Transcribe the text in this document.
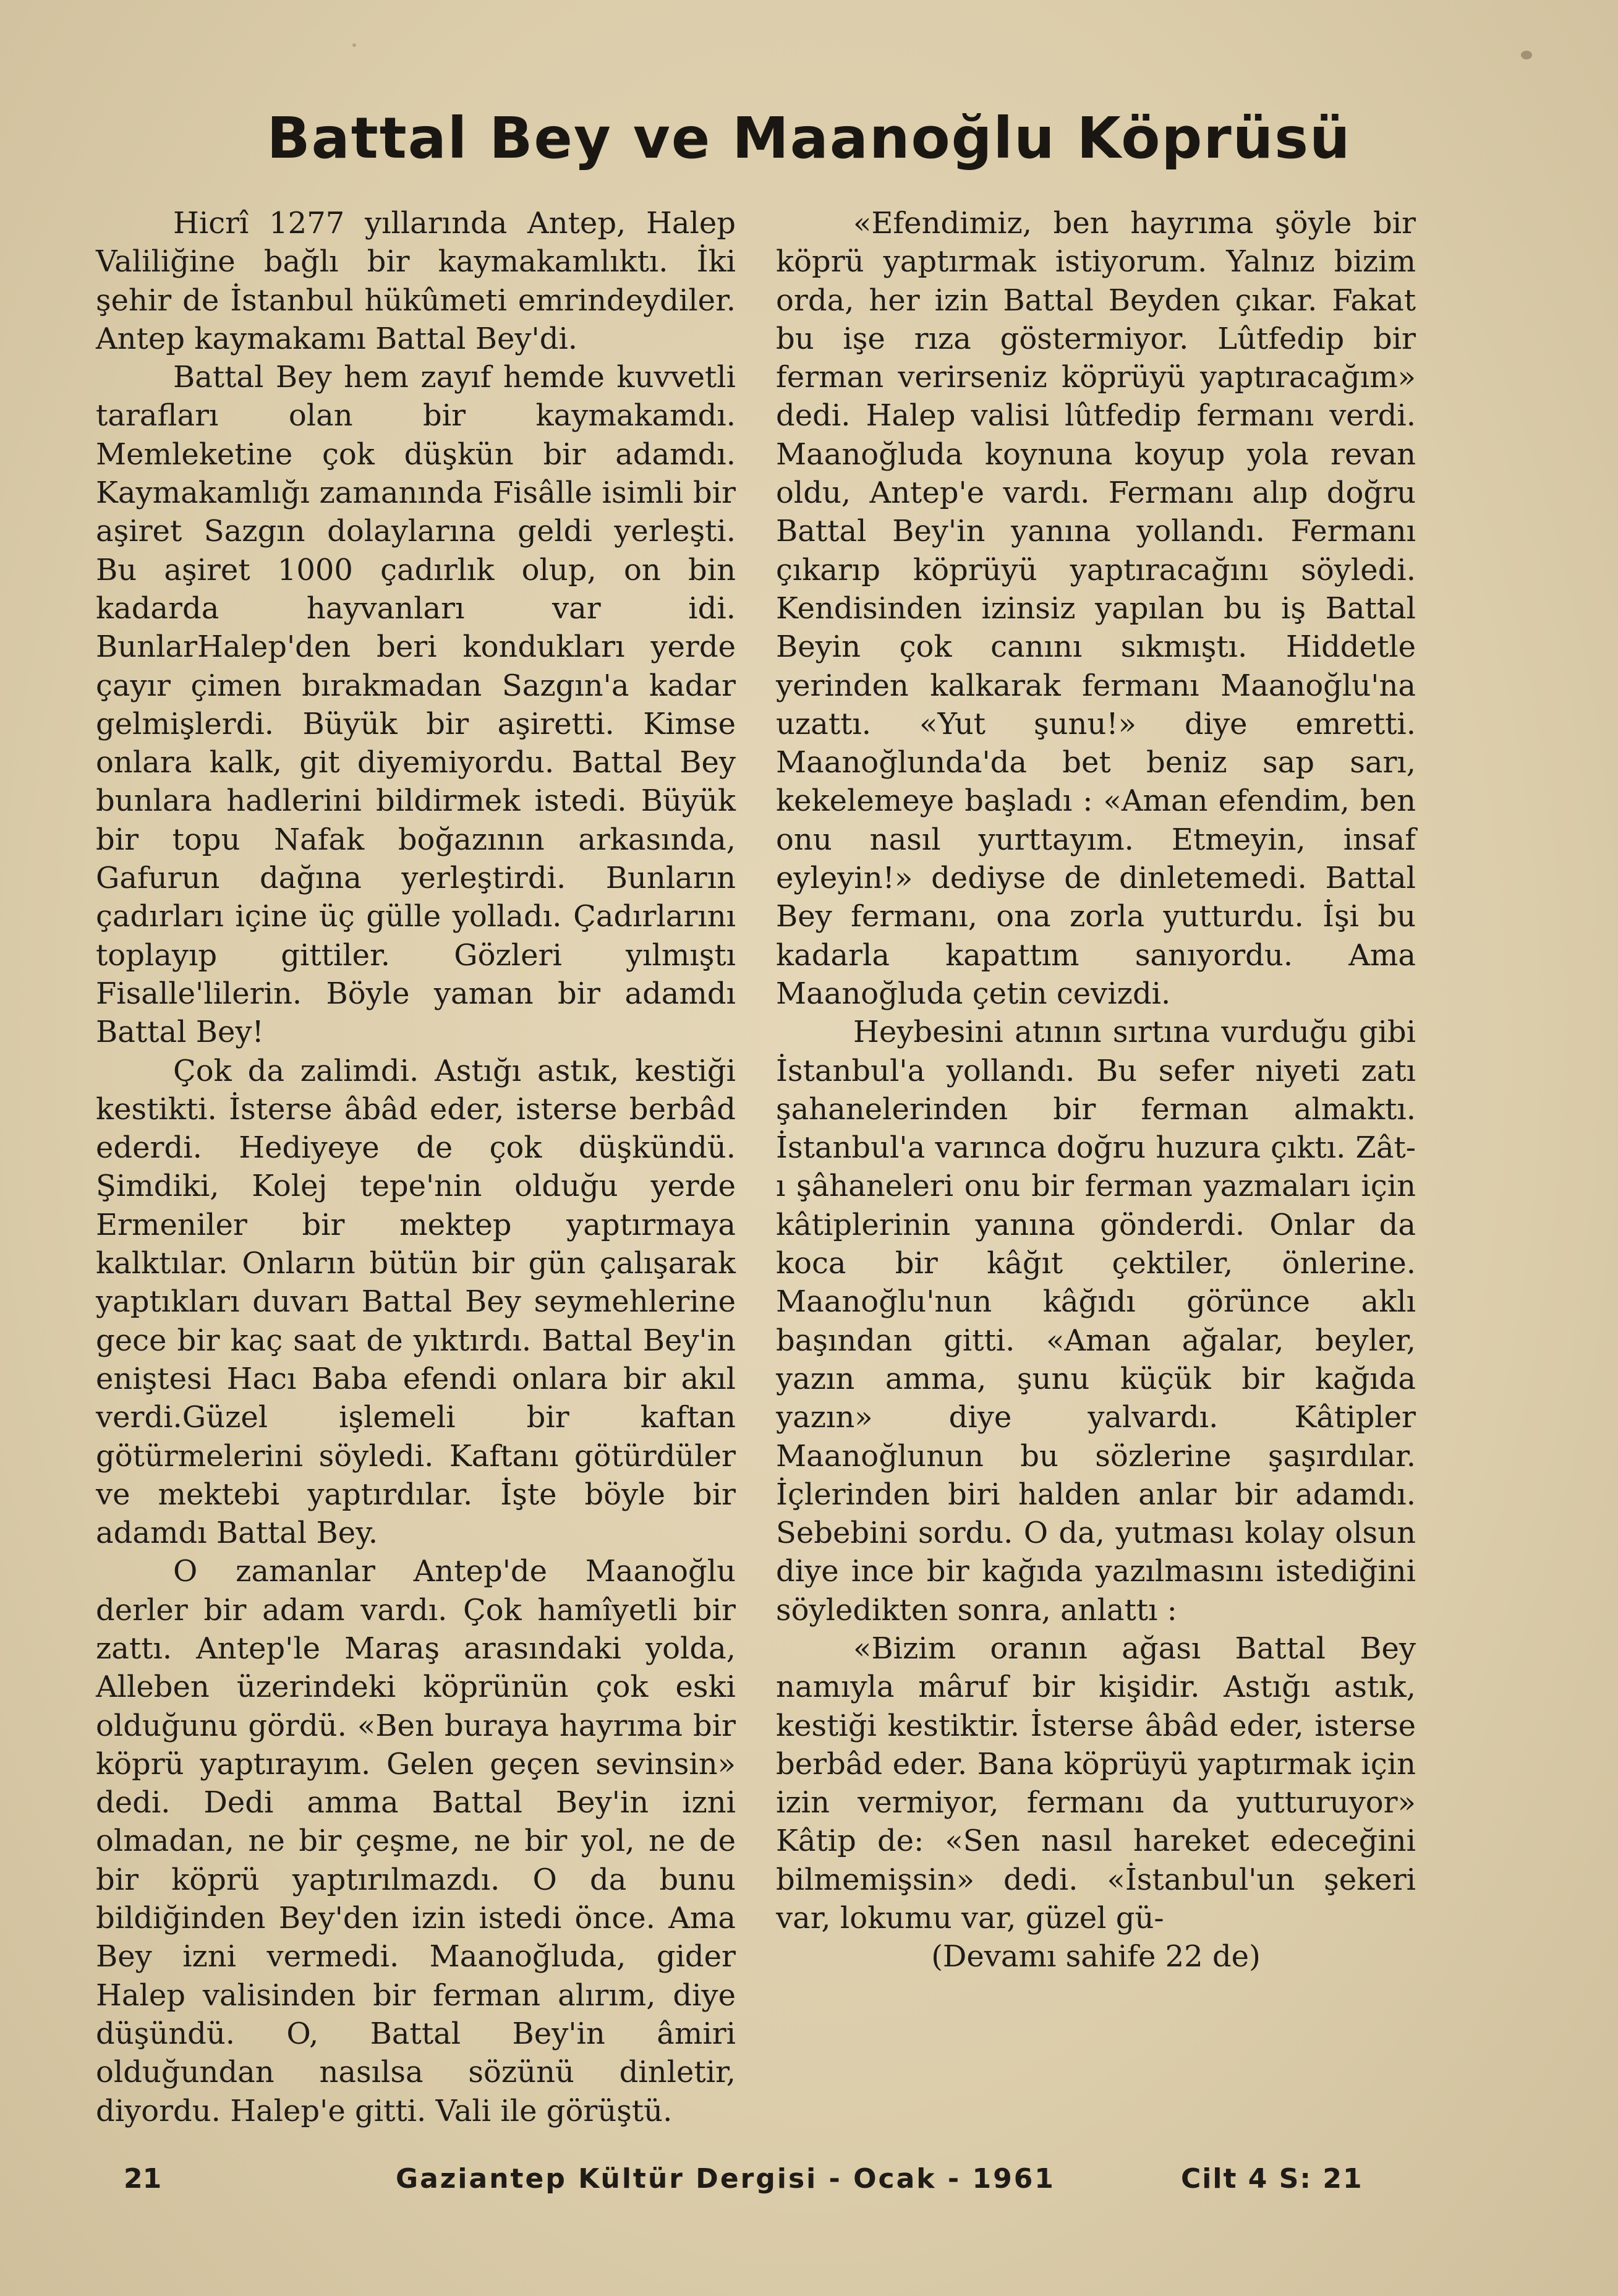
Battal Bey ve Maanoğlu Köprüsü

Hicrî 1277 yıllarında Antep, Halep Valiliğine bağlı bir kaymakamlıktı. İki şehir de İstanbul hükûmeti emrindeydiler. Antep kaymakamı Battal Bey'di.

Battal Bey hem zayıf hemde kuvvetli tarafları olan bir kaymakamdı. Memleketine çok düşkün bir adamdı. Kaymakamlığı zamanında Fisâlle isimli bir aşiret Sazgın dolaylarına geldi yerleşti. Bu aşiret 1000 çadırlık olup, on bin kadarda hayvanları var idi. BunlarHalep'den beri kondukları yerde çayır çimen bırakmadan Sazgın'a kadar gelmişlerdi. Büyük bir aşiretti. Kimse onlara kalk, git diyemiyordu. Battal Bey bunlara hadlerini bildirmek istedi. Büyük bir topu Nafak boğazının arkasında, Gafurun dağına yerleştirdi. Bunların çadırları içine üç gülle yolladı. Çadırlarını toplayıp gittiler. Gözleri yılmıştı Fisalle'lilerin. Böyle yaman bir adamdı Battal Bey!

Çok da zalimdi. Astığı astık, kestiği kestikti. İsterse âbâd eder, isterse berbâd ederdi. Hediyeye de çok düşkündü. Şimdiki, Kolej tepe'nin olduğu yerde Ermeniler bir mektep yaptırmaya kalktılar. Onların bütün bir gün çalışarak yaptıkları duvarı Battal Bey seymehlerine gece bir kaç saat de yıktırdı. Battal Bey'in eniştesi Hacı Baba efendi onlara bir akıl verdi.Güzel işlemeli bir kaftan götürmelerini söyledi. Kaftanı götürdüler ve mektebi yaptırdılar. İşte böyle bir adamdı Battal Bey.

O zamanlar Antep'de Maanoğlu derler bir adam vardı. Çok hamîyetli bir zattı. Antep'le Maraş arasındaki yolda, Alleben üzerindeki köprünün çok eski olduğunu gördü. «Ben buraya hayrıma bir köprü yaptırayım. Gelen geçen sevinsin» dedi. Dedi amma Battal Bey'in izni olmadan, ne bir çeşme, ne bir yol, ne de bir köprü yaptırılmazdı. O da bunu bildiğinden Bey'den izin istedi önce. Ama Bey izni vermedi. Maanoğluda, gider Halep valisinden bir ferman alırım, diye düşündü. O, Battal Bey'in âmiri olduğundan nasılsa sözünü dinletir, diyordu. Halep'e gitti. Vali ile görüştü.

«Efendimiz, ben hayrıma şöyle bir köprü yaptırmak istiyorum. Yalnız bizim orda, her izin Battal Beyden çıkar. Fakat bu işe rıza göstermiyor. Lûtfedip bir ferman verirseniz köprüyü yaptıracağım» dedi. Halep valisi lûtfedip fermanı verdi. Maanoğluda koynuna koyup yola revan oldu, Antep'e vardı. Fermanı alıp doğru Battal Bey'in yanına yollandı. Fermanı çıkarıp köprüyü yaptıracağını söyledi. Kendisinden izinsiz yapılan bu iş Battal Beyin çok canını sıkmıştı. Hiddetle yerinden kalkarak fermanı Maanoğlu'na uzattı. «Yut şunu!» diye emretti. Maanoğlunda'da bet beniz sap sarı, kekelemeye başladı : «Aman efendim, ben onu nasıl yurttayım. Etmeyin, insaf eyleyin!» dediyse de dinletemedi. Battal Bey fermanı, ona zorla yutturdu. İşi bu kadarla kapattım sanıyordu. Ama Maanoğluda çetin cevizdi.

Heybesini atının sırtına vurduğu gibi İstanbul'a yollandı. Bu sefer niyeti zatı şahanelerinden bir ferman almaktı. İstanbul'a varınca doğru huzura çıktı. Zât-ı şâhaneleri onu bir ferman yazmaları için kâtiplerinin yanına gönderdi. Onlar da koca bir kâğıt çektiler, önlerine. Maanoğlu'nun kâğıdı görünce aklı başından gitti. «Aman ağalar, beyler, yazın amma, şunu küçük bir kağıda yazın» diye yalvardı. Kâtipler Maanoğlunun bu sözlerine şaşırdılar. İçlerinden biri halden anlar bir adamdı. Sebebini sordu. O da, yutması kolay olsun diye ince bir kağıda yazılmasını istediğini söyledikten sonra, anlattı :

«Bizim oranın ağası Battal Bey namıyla mâruf bir kişidir. Astığı astık, kestiği kestiktir. İsterse âbâd eder, isterse berbâd eder. Bana köprüyü yaptırmak için izin vermiyor, fermanı da yutturuyor» Kâtip de: «Sen nasıl hareket edeceğini bilmemişsin» dedi. «İstanbul'un şekeri var, lokumu var, güzel gü-

(Devamı sahife 22 de)

21	Gaziantep Kültür Dergisi - Ocak - 1961	Cilt 4 S: 21
